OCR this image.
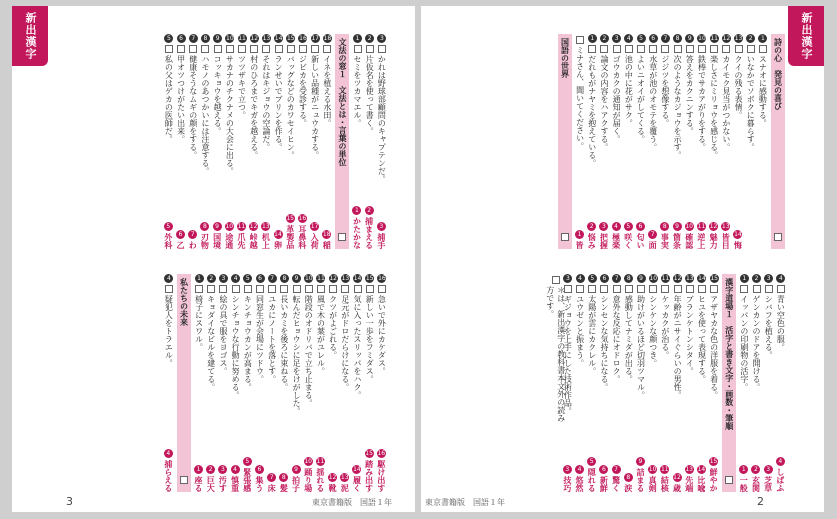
新出漢字	3
かれは野球部顧問のキャプテンだ。
3
捕手
2
片仮名を使って書く。
2
捕まえる
1
セミをツカマエル。
1
かたかな
文法の窓１　文法とは・言葉の単位
18
イネを植える水田。
18
稲
17
新しい品種がニュウカする。
17
入荷
16
ジビカを受診する。
16
耳鼻科
15
バッグなどのカワセイヒン。
15
革製品
14
ランせいでブリンを作る。
14
卵
13
それはキジョウの空論だ。
13
机上
12
村のひろまでキガを越える。
12
峠越
11
ツツザキで立つ。
11
爪先
10
サカナのチクナメの大会に出る。
10
途通
9
コッキョウを越える。
9
国境
8
ハモノのあつかいには注意する。
8
刃物
7
健康そうなムギの顔をする。
7
わ
6
甲オツつけがたい出来。
6
乙
5
私の父はゲカの医師だ。
5
外科
16
急いで外にカケダス。
16
駆け出す
15
新しい一歩をフミダス。
15
踏み出す
14
気に入ったスリッパをハク。
14
履く
13
足元がドロだらけになる。
13
泥
12
クツがよごれる。
12
靴
11
風で木の葉がユレル。
11
揺れる
10
階段のオドリバで立ち止まる。
10
踊り場
9
転んだヒョウシに足をけがした。
9
拍子
8
長いカミを後ろに束ねる。
8
髪
7
ユカにノートを落とす。
7
床
6
同窓生が会場にツドウ。
6
集う
5
キンチョウカンが高まる。
5
緊張感
4
シンチョウな行動に努める。
4
慎重
3
絵の具で服をヨゴス。
3
汚す
2
キョダイなビルを建てる。
2
巨大
1
椅子にスワル。
1
座る
私たちの未来
4
疑犯人をトラエル。
4
捕らえる
3	東京書籍版　国語１年
新出漢字
詩の心　発見の喜び
1
スナオに感動する。
2
いなかでソボクに暮らす。
13
クイの残る表情。
14
悔
12
カイモク見当がつかない。
13
皆目
11
楽しさにミリョウを感じる。
12
魅力
10
鉄棒でサカアがりをする。
11
逆上
9
答えをカクニンする。
10
確認
8
次のようなカジョウを示す。
9
箇条
7
ジジツを想像する。
8
事実
6
水草が池のオモテを覆う。
7
面
5
よいニオイがしてくる。
6
匂い
4
池の中に花がサク。
5
咲く
3
ゴウカクの通知が届く。
4
極楽
2
論文の内容をハアクする。
3
把握
1
だれもがナヤミを抱えている。
2
悩み
ミナさん、聞いてください。
1
皆
国語の世界
4
青い空色の服。
4
しばふ
3
シバフを植える。
3
芝草
2
ゲンカンのドアを開ける。
2
玄関
1
イッパンの印刷物の活字。
1
一般
漢字道場１　活字と書き文字・画数・筆順
15
アザヤカな色の洋服を着る。
15
鮮やか
14
ヒユを使って表現する。
14
比喩
13
ブランケトンシタイ。
13
先端
12
年齢がニサイぐらいの男性。
12
歳
11
ケッカクが治る。
11
結核
10
シンケンな顔つき。
10
真剣
9
助けがいるほど切羽ツマル。
9
詰まる
8
感動してナミダが出る。
8
涙
7
意外な反応にオドロク。
7
驚く
6
シンセンな気持ちになる。
6
新鮮
5
太陽が雲にカクレル。
5
隠れる
4
ユウゼンと振まう。
4
悠然
3
ギジョウを上手にした技術作品。
3
技巧
＊は、新出漢字の教科書本文外の読み方です。
2
東京書籍版　国語１年
